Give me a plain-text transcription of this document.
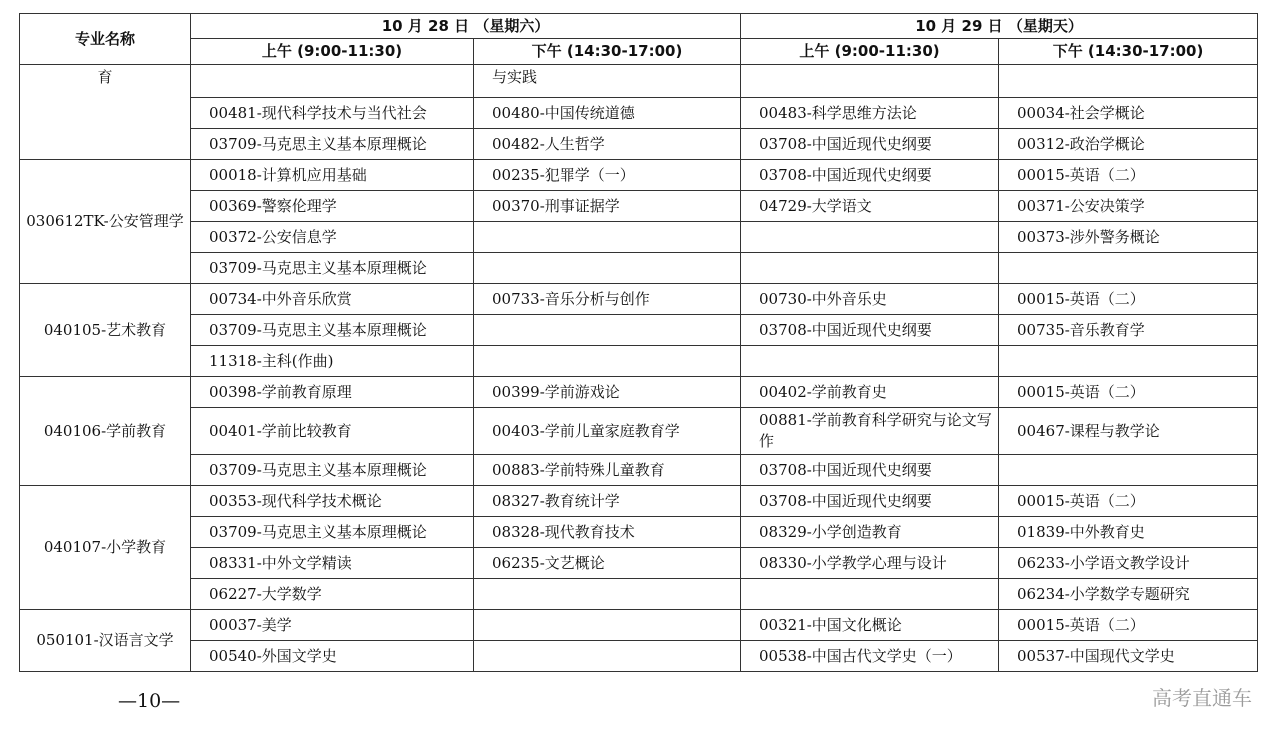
专业名称	10 月 28 日 （星期六）		10 月 29 日 （星期天）	
	上午 (9:00-11:30)	下午 (14:30-17:00)	上午 (9:00-11:30)	下午 (14:30-17:00)
育		与实践		
	00481-现代科学技术与当代社会	00480-中国传统道德	00483-科学思维方法论	00034-社会学概论
	03709-马克思主义基本原理概论	00482-人生哲学	03708-中国近现代史纲要	00312-政治学概论
030612TK-公安管理学	00018-计算机应用基础	00235-犯罪学（一）	03708-中国近现代史纲要	00015-英语（二）
	00369-警察伦理学	00370-刑事证据学	04729-大学语文	00371-公安决策学
	00372-公安信息学			00373-涉外警务概论
	03709-马克思主义基本原理概论			
040105-艺术教育	00734-中外音乐欣赏	00733-音乐分析与创作	00730-中外音乐史	00015-英语（二）
	03709-马克思主义基本原理概论		03708-中国近现代史纲要	00735-音乐教育学
	11318-主科(作曲)			
040106-学前教育	00398-学前教育原理	00399-学前游戏论	00402-学前教育史	00015-英语（二）
	00401-学前比较教育	00403-学前儿童家庭教育学	00881-学前教育科学研究与论文写作	00467-课程与教学论
	03709-马克思主义基本原理概论	00883-学前特殊儿童教育	03708-中国近现代史纲要	
040107-小学教育	00353-现代科学技术概论	08327-教育统计学	03708-中国近现代史纲要	00015-英语（二）
	03709-马克思主义基本原理概论	08328-现代教育技术	08329-小学创造教育	01839-中外教育史
	08331-中外文学精读	06235-文艺概论	08330-小学教学心理与设计	06233-小学语文教学设计
	06227-大学数学			06234-小学数学专题研究
050101-汉语言文学	00037-美学		00321-中国文化概论	00015-英语（二）
	00540-外国文学史		00538-中国古代文学史（一）	00537-中国现代文学史
—10—	高考直通车
